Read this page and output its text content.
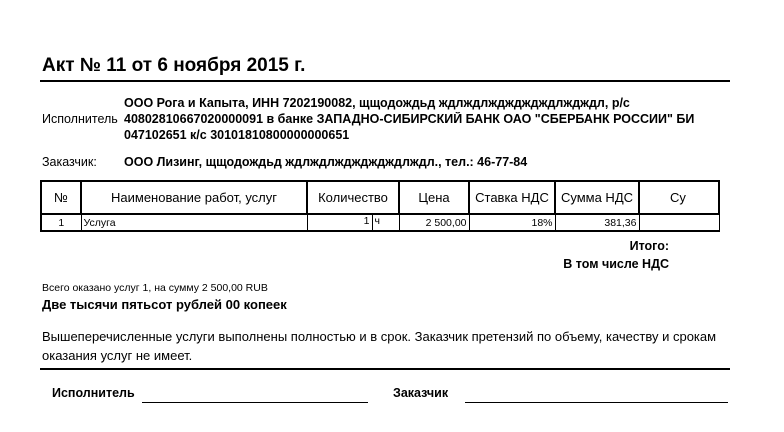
Акт № 11 от 6 ноября 2015 г.
Исполнитель
ООО Рога и Капыта, ИНН 7202190082, щщодождьд ждлждлждждждждлждждл, р/с
40802810667020000091 в банке ЗАПАДНО-СИБИРСКИЙ БАНК ОАО "СБЕРБАНК РОССИИ" БИ
047102651 к/с 30101810800000000651
Заказчик: ООО Лизинг, щщодождьд ждлждлждждждждлждл., тел.: 46-77-84
№	Наименование работ, услуг	Количество	Цена	Ставка НДС	Сумма НДС	Су
1	Услуга	1 ч	2 500,00	18%	381,36	
Итого:
В том числе НДС
Всего оказано услуг 1, на сумму 2 500,00 RUB
Две тысячи пятьсот рублей 00 копеек
Вышеперечисленные услуги выполнены полностью и в срок. Заказчик претензий по объему, качеству и срокам
оказания услуг не имеет.
Исполнитель	Заказчик
